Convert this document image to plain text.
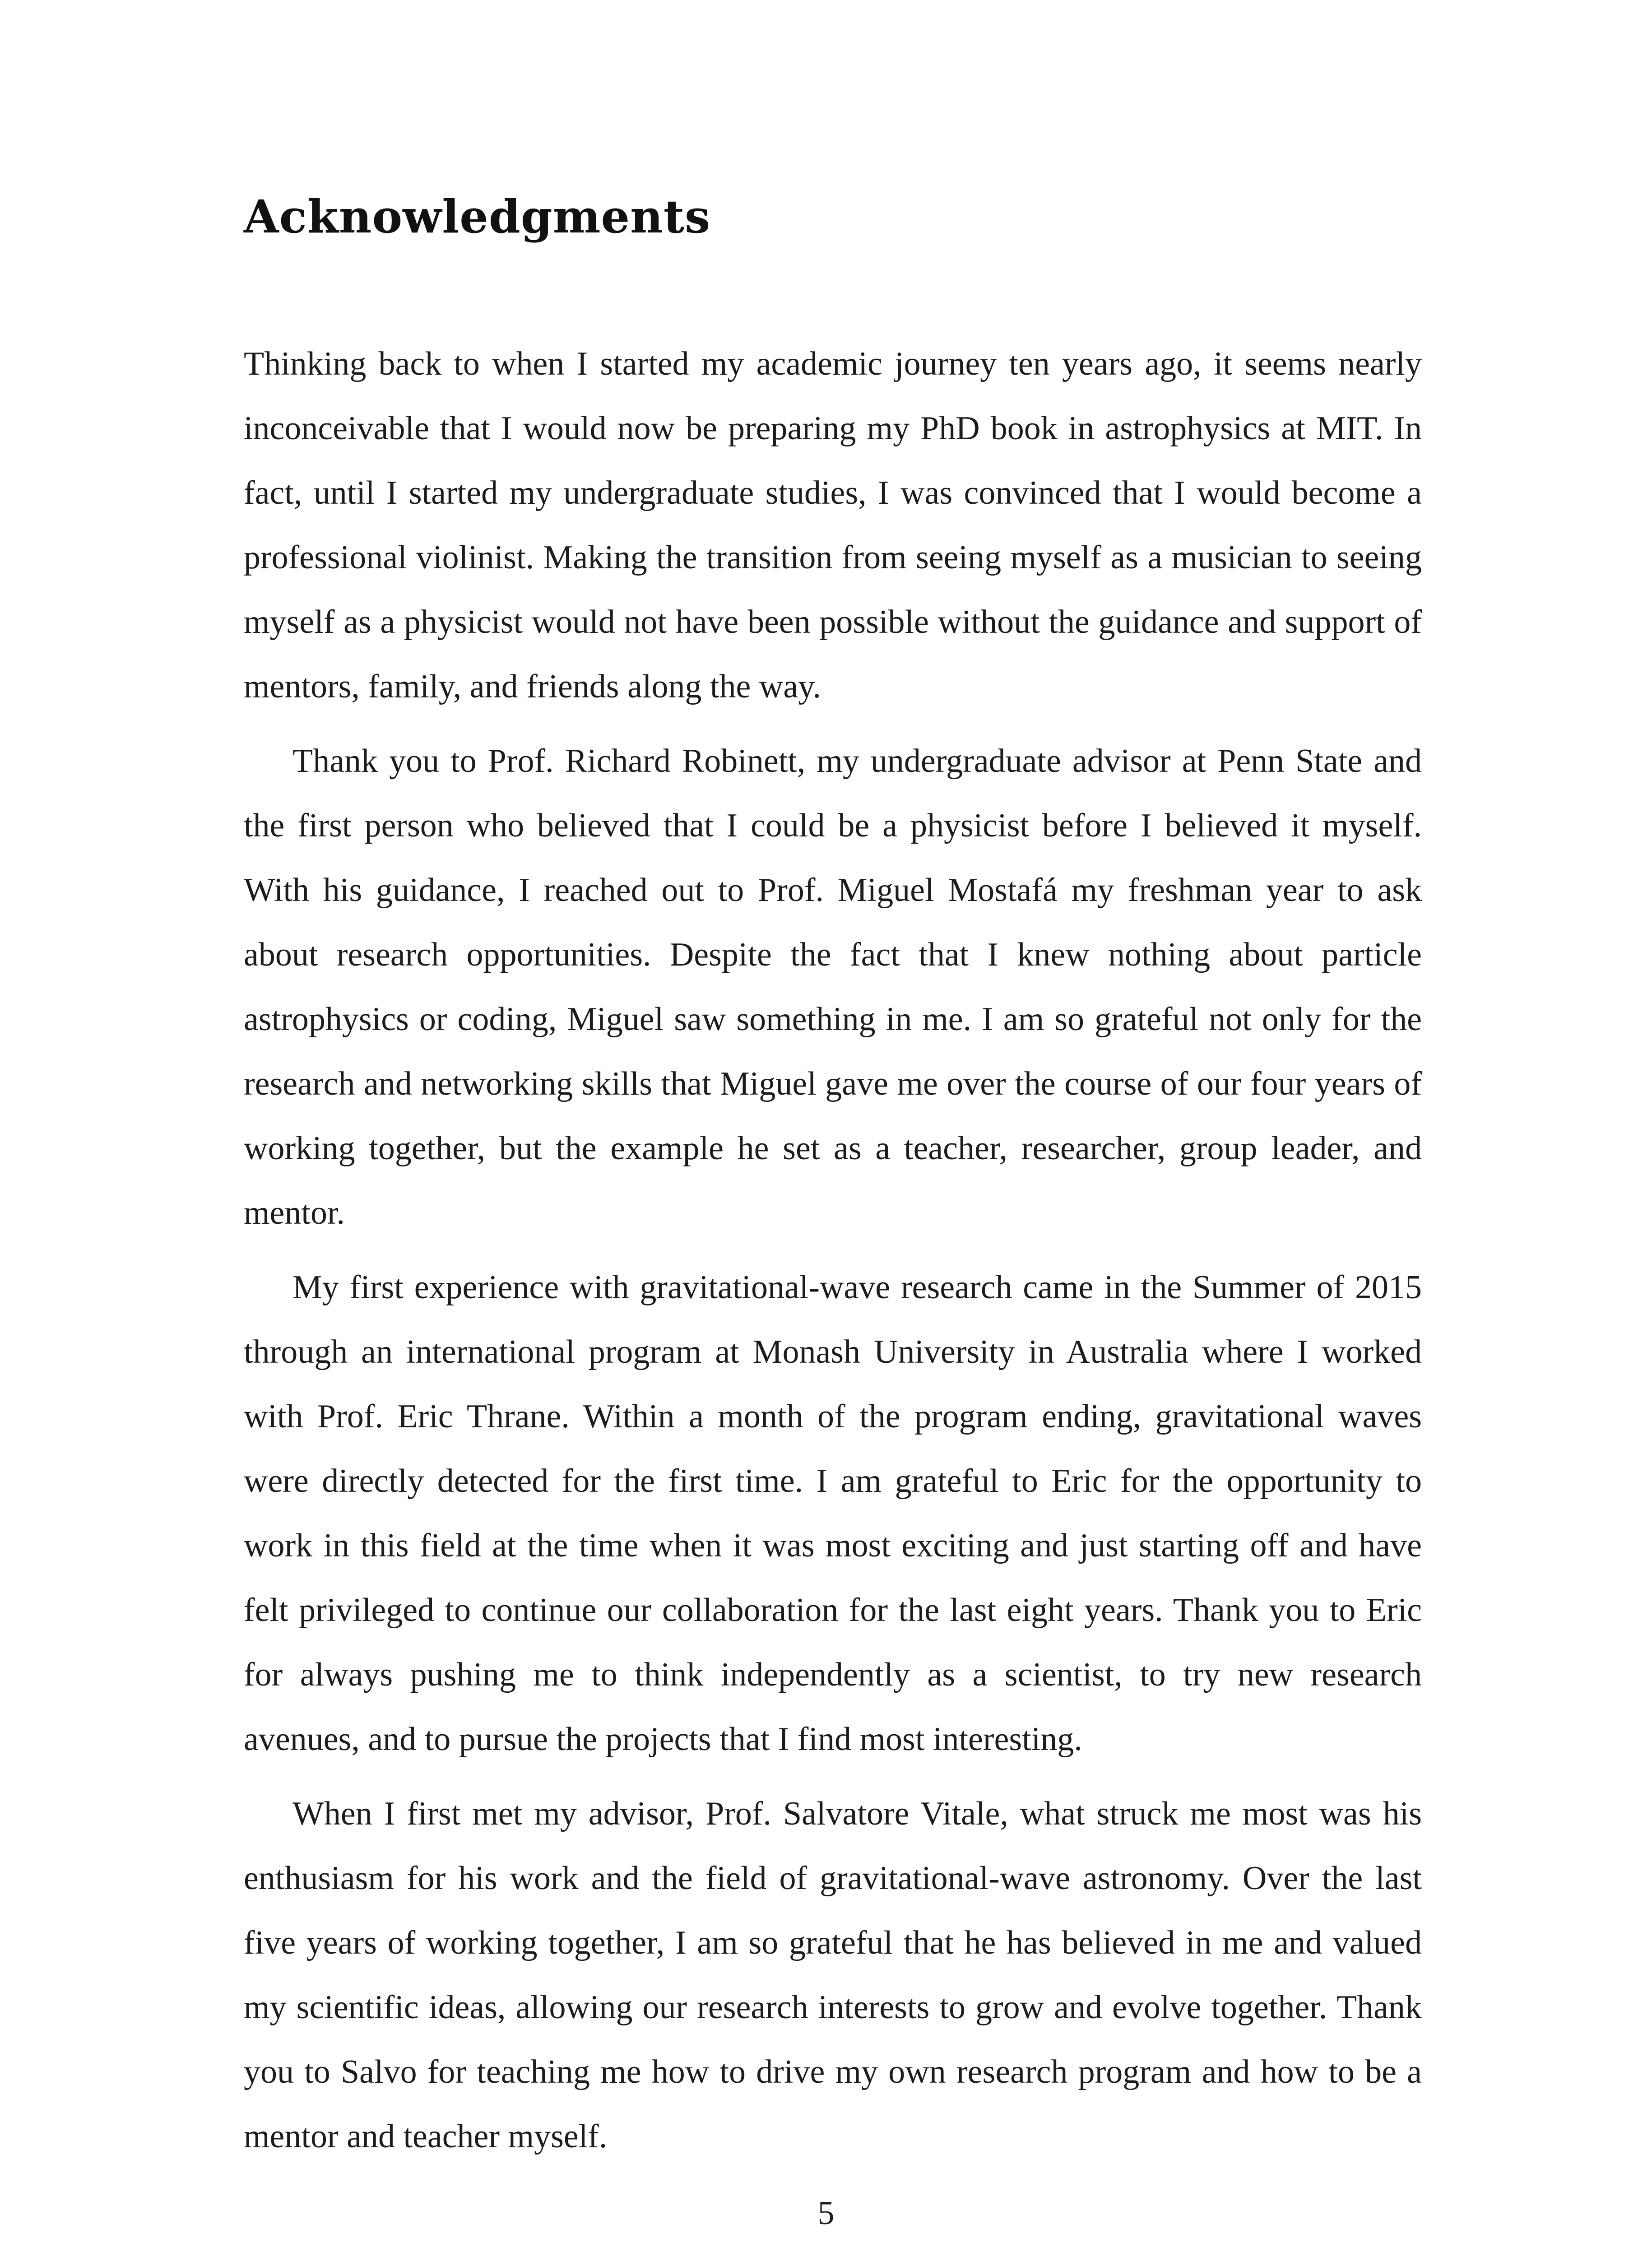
Acknowledgments

Thinking back to when I started my academic journey ten years ago, it seems nearly inconceivable that I would now be preparing my PhD book in astrophysics at MIT. In fact, until I started my undergraduate studies, I was convinced that I would become a professional violinist. Making the transition from seeing myself as a musician to seeing myself as a physicist would not have been possible without the guidance and support of mentors, family, and friends along the way.

Thank you to Prof. Richard Robinett, my undergraduate advisor at Penn State and the first person who believed that I could be a physicist before I believed it myself. With his guidance, I reached out to Prof. Miguel Mostafá my freshman year to ask about research opportunities. Despite the fact that I knew nothing about particle astrophysics or coding, Miguel saw something in me. I am so grateful not only for the research and networking skills that Miguel gave me over the course of our four years of working together, but the example he set as a teacher, researcher, group leader, and mentor.

My first experience with gravitational-wave research came in the Summer of 2015 through an international program at Monash University in Australia where I worked with Prof. Eric Thrane. Within a month of the program ending, gravitational waves were directly detected for the first time. I am grateful to Eric for the opportunity to work in this field at the time when it was most exciting and just starting off and have felt privileged to continue our collaboration for the last eight years. Thank you to Eric for always pushing me to think independently as a scientist, to try new research avenues, and to pursue the projects that I find most interesting.

When I first met my advisor, Prof. Salvatore Vitale, what struck me most was his enthusiasm for his work and the field of gravitational-wave astronomy. Over the last five years of working together, I am so grateful that he has believed in me and valued my scientific ideas, allowing our research interests to grow and evolve together. Thank you to Salvo for teaching me how to drive my own research program and how to be a mentor and teacher myself.

5
